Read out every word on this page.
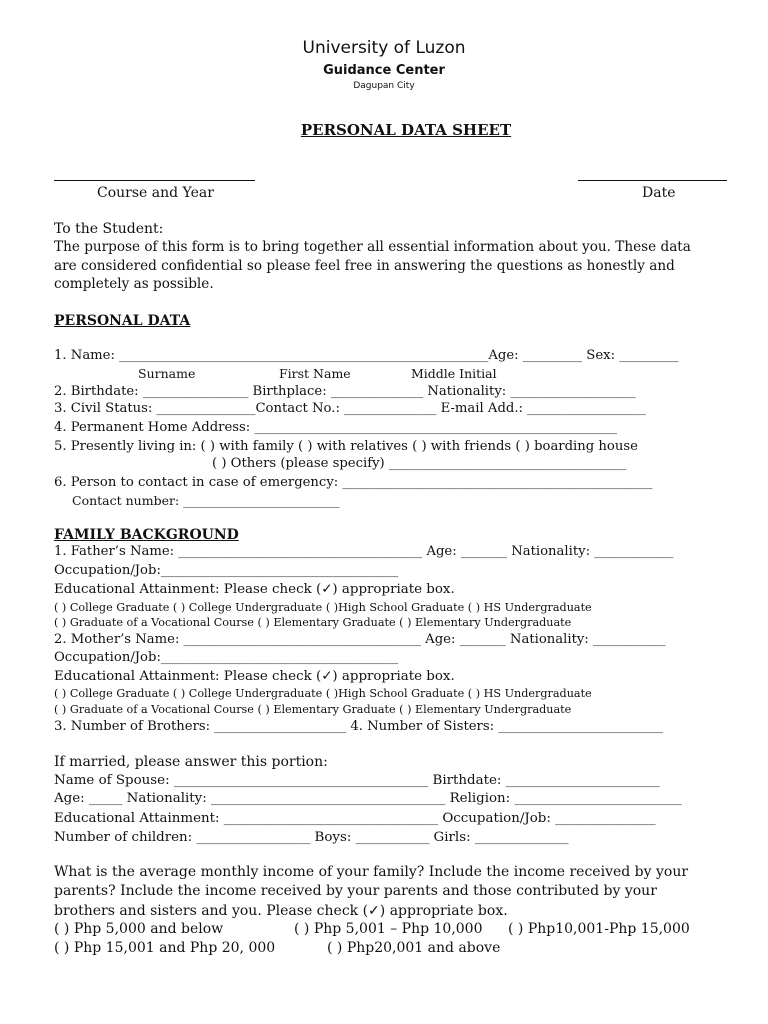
University of Luzon
Guidance Center
Dagupan City
PERSONAL DATA SHEET
Course and Year	Date
To the Student:
The purpose of this form is to bring together all essential information about you. These data
are considered confidential so please feel free in answering the questions as honestly and
completely as possible.
PERSONAL DATA
1. Name: ________________________________________________________Age: _________ Sex: _________
Surname	First Name	Middle Initial
2. Birthdate: ________________ Birthplace: ______________ Nationality: ___________________
3. Civil Status: _______________Contact No.: ______________ E-mail Add.: __________________
4. Permanent Home Address: _______________________________________________________
5. Presently living in: ( ) with family ( ) with relatives ( ) with friends ( ) boarding house
( ) Others (please specify) ____________________________________
6. Person to contact in case of emergency: _______________________________________________
Contact number: _________________________
FAMILY BACKGROUND
1. Father’s Name: _____________________________________ Age: _______ Nationality: ____________
Occupation/Job:____________________________________
Educational Attainment: Please check (✓) appropriate box.
( ) College Graduate ( ) College Undergraduate ( )High School Graduate ( ) HS Undergraduate
( ) Graduate of a Vocational Course ( ) Elementary Graduate ( ) Elementary Undergraduate
2. Mother’s Name: ____________________________________ Age: _______ Nationality: ___________
Occupation/Job:____________________________________
Educational Attainment: Please check (✓) appropriate box.
( ) College Graduate ( ) College Undergraduate ( )High School Graduate ( ) HS Undergraduate
( ) Graduate of a Vocational Course ( ) Elementary Graduate ( ) Elementary Undergraduate
3. Number of Brothers: ____________________ 4. Number of Sisters: _________________________
If married, please answer this portion:
Name of Spouse: ______________________________________ Birthdate: _______________________
Age: _____ Nationality: ___________________________________ Religion: _________________________
Educational Attainment: ________________________________ Occupation/Job: _______________
Number of children: _________________ Boys: ___________ Girls: ______________
What is the average monthly income of your family? Include the income received by your
parents? Include the income received by your parents and those contributed by your
brothers and sisters and you. Please check (✓) appropriate box.
( ) Php 5,000 and below	( ) Php 5,001 – Php 10,000 ( ) Php10,001-Php 15,000
( ) Php 15,001 and Php 20, 000	( ) Php20,001 and above
